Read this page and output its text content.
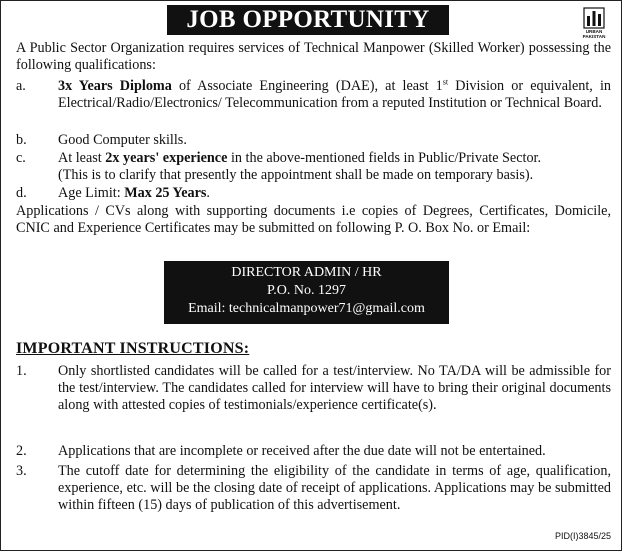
JOB OPPORTUNITY	URBAN
PAKISTAN
A Public Sector Organization requires services of Technical Manpower (Skilled Worker) possessing the following qualifications:
a.	3x Years Diploma of Associate Engineering (DAE), at least 1st Division or equivalent, in Electrical/Radio/Electronics/ Telecommunication from a reputed Institution or Technical Board.
b.	Good Computer skills.
c.	At least 2x years' experience in the above-mentioned fields in Public/Private Sector.
(This is to clarify that presently the appointment shall be made on temporary basis).
d.	Age Limit: Max 25 Years.
Applications / CVs along with supporting documents i.e copies of Degrees, Certificates, Domicile, CNIC and Experience Certificates may be submitted on following P. O. Box No. or Email:
DIRECTOR ADMIN / HR
P.O. No. 1297
Email: technicalmanpower71@gmail.com
IMPORTANT INSTRUCTIONS:
1.	Only shortlisted candidates will be called for a test/interview. No TA/DA will be admissible for the test/interview. The candidates called for interview will have to bring their original documents along with attested copies of testimonials/experience certificate(s).
2.	Applications that are incomplete or received after the due date will not be entertained.
3.	The cutoff date for determining the eligibility of the candidate in terms of age, qualification, experience, etc. will be the closing date of receipt of applications. Applications may be submitted within fifteen (15) days of publication of this advertisement.
PID(I)3845/25
